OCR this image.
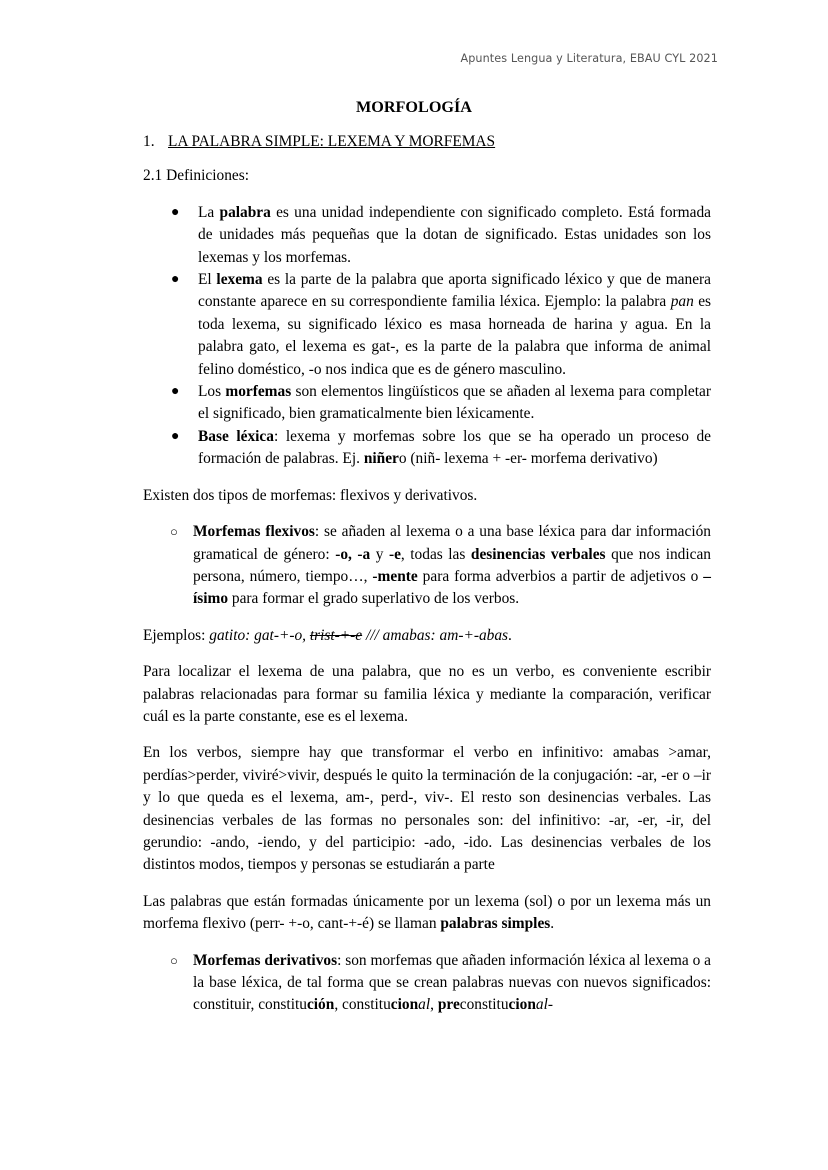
Apuntes Lengua y Literatura, EBAU CYL 2021
MORFOLOGÍA
1. LA PALABRA SIMPLE: LEXEMA Y MORFEMAS
2.1 Definiciones:
● La palabra es una unidad independiente con significado completo. Está formada de unidades más pequeñas que la dotan de significado. Estas unidades son los lexemas y los morfemas.
● El lexema es la parte de la palabra que aporta significado léxico y que de manera constante aparece en su correspondiente familia léxica. Ejemplo: la palabra pan es toda lexema, su significado léxico es masa horneada de harina y agua. En la palabra gato, el lexema es gat-, es la parte de la palabra que informa de animal felino doméstico, -o nos indica que es de género masculino.
● Los morfemas son elementos lingüísticos que se añaden al lexema para completar el significado, bien gramaticalmente bien léxicamente.
● Base léxica: lexema y morfemas sobre los que se ha operado un proceso de formación de palabras. Ej. niñero (niñ- lexema + -er- morfema derivativo)

Existen dos tipos de morfemas: flexivos y derivativos.

○ Morfemas flexivos: se añaden al lexema o a una base léxica para dar información gramatical de género: -o, -a y -e, todas las desinencias verbales que nos indican persona, número, tiempo…, -mente para forma adverbios a partir de adjetivos o –ísimo para formar el grado superlativo de los verbos.

Ejemplos: gatito: gat-+-o, trist-+-e /// amabas: am-+-abas.

Para localizar el lexema de una palabra, que no es un verbo, es conveniente escribir palabras relacionadas para formar su familia léxica y mediante la comparación, verificar cuál es la parte constante, ese es el lexema.

En los verbos, siempre hay que transformar el verbo en infinitivo: amabas >amar, perdías>perder, viviré>vivir, después le quito la terminación de la conjugación: -ar, -er o –ir y lo que queda es el lexema, am-, perd-, viv-. El resto son desinencias verbales. Las desinencias verbales de las formas no personales son: del infinitivo: -ar, -er, -ir, del gerundio: -ando, -iendo, y del participio: -ado, -ido. Las desinencias verbales de los distintos modos, tiempos y personas se estudiarán a parte

Las palabras que están formadas únicamente por un lexema (sol) o por un lexema más un morfema flexivo (perr- +-o, cant-+-é) se llaman palabras simples.

○ Morfemas derivativos: son morfemas que añaden información léxica al lexema o a la base léxica, de tal forma que se crean palabras nuevas con nuevos significados: constituir, constitución, constitucional, preconstitucional-
